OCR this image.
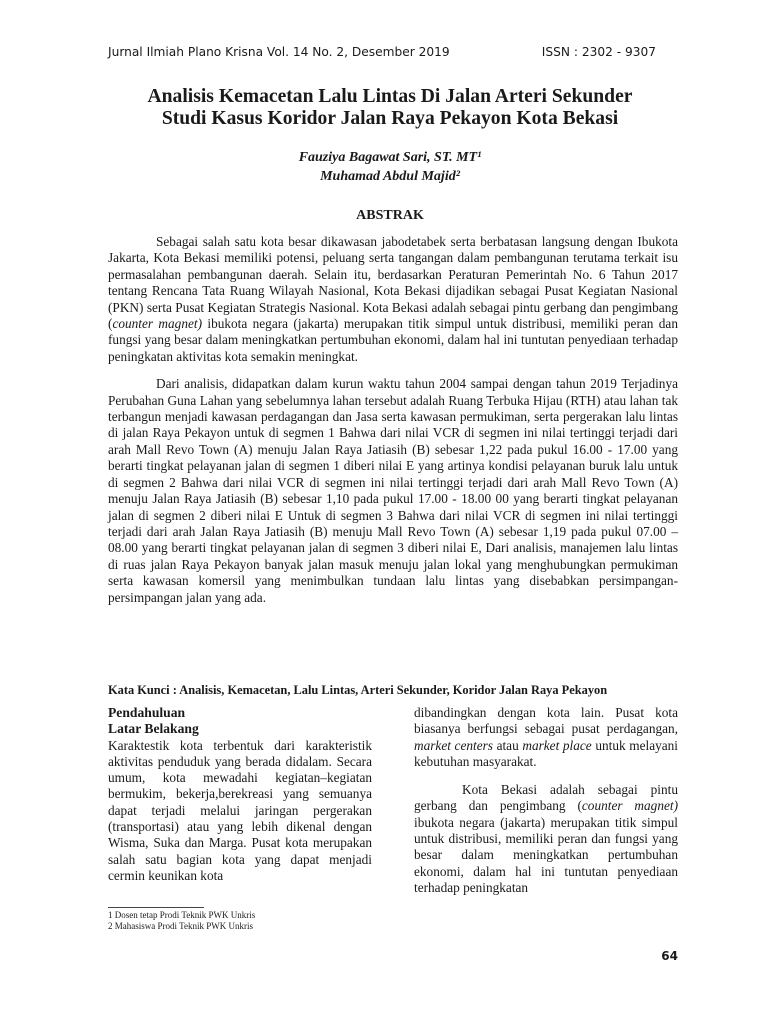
Jurnal Ilmiah Plano Krisna Vol. 14 No. 2, Desember 2019	ISSN : 2302 - 9307
Analisis Kemacetan Lalu Lintas Di Jalan Arteri Sekunder
Studi Kasus Koridor Jalan Raya Pekayon Kota Bekasi
Fauziya Bagawat Sari, ST. MT¹
Muhamad Abdul Majid²
ABSTRAK

Sebagai salah satu kota besar dikawasan jabodetabek serta berbatasan langsung dengan Ibukota Jakarta, Kota Bekasi memiliki potensi, peluang serta tangangan dalam pembangunan terutama terkait isu permasalahan pembangunan daerah. Selain itu, berdasarkan Peraturan Pemerintah No. 6 Tahun 2017 tentang Rencana Tata Ruang Wilayah Nasional, Kota Bekasi dijadikan sebagai Pusat Kegiatan Nasional (PKN) serta Pusat Kegiatan Strategis Nasional. Kota Bekasi adalah sebagai pintu gerbang dan pengimbang (counter magnet) ibukota negara (jakarta) merupakan titik simpul untuk distribusi, memiliki peran dan fungsi yang besar dalam meningkatkan pertumbuhan ekonomi, dalam hal ini tuntutan penyediaan terhadap peningkatan aktivitas kota semakin meningkat.

Dari analisis, didapatkan dalam kurun waktu tahun 2004 sampai dengan tahun 2019 Terjadinya Perubahan Guna Lahan yang sebelumnya lahan tersebut adalah Ruang Terbuka Hijau (RTH) atau lahan tak terbangun menjadi kawasan perdagangan dan Jasa serta kawasan permukiman, serta pergerakan lalu lintas di jalan Raya Pekayon untuk di segmen 1 Bahwa dari nilai VCR di segmen ini nilai tertinggi terjadi dari arah Mall Revo Town (A) menuju Jalan Raya Jatiasih (B) sebesar 1,22 pada pukul 16.00 - 17.00 yang berarti tingkat pelayanan jalan di segmen 1 diberi nilai E yang artinya kondisi pelayanan buruk lalu untuk di segmen 2 Bahwa dari nilai VCR di segmen ini nilai tertinggi terjadi dari arah Mall Revo Town (A) menuju Jalan Raya Jatiasih (B) sebesar 1,10 pada pukul 17.00 - 18.00 00 yang berarti tingkat pelayanan jalan di segmen 2 diberi nilai E Untuk di segmen 3 Bahwa dari nilai VCR di segmen ini nilai tertinggi terjadi dari arah Jalan Raya Jatiasih (B) menuju Mall Revo Town (A) sebesar 1,19 pada pukul 07.00 – 08.00 yang berarti tingkat pelayanan jalan di segmen 3 diberi nilai E, Dari analisis, manajemen lalu lintas di ruas jalan Raya Pekayon banyak jalan masuk menuju jalan lokal yang menghubungkan permukiman serta kawasan komersil yang menimbulkan tundaan lalu lintas yang disebabkan persimpangan-persimpangan jalan yang ada.

Kata Kunci : Analisis, Kemacetan, Lalu Lintas, Arteri Sekunder, Koridor Jalan Raya Pekayon
Pendahuluan
Latar Belakang

Karaktestik kota terbentuk dari karakteristik aktivitas penduduk yang berada didalam. Secara umum, kota mewadahi kegiatan–kegiatan bermukim, bekerja,berekreasi yang semuanya dapat terjadi melalui jaringan pergerakan (transportasi) atau yang lebih dikenal dengan Wisma, Suka dan Marga. Pusat kota merupakan salah satu bagian kota yang dapat menjadi cermin keunikan kota

dibandingkan dengan kota lain. Pusat kota biasanya berfungsi sebagai pusat perdagangan, market centers atau market place untuk melayani kebutuhan masyarakat.

Kota Bekasi adalah sebagai pintu gerbang dan pengimbang (counter magnet) ibukota negara (jakarta) merupakan titik simpul untuk distribusi, memiliki peran dan fungsi yang besar dalam meningkatkan pertumbuhan ekonomi, dalam hal ini tuntutan penyediaan terhadap peningkatan

1 Dosen tetap Prodi Teknik PWK Unkris
2 Mahasiswa Prodi Teknik PWK Unkris
64
